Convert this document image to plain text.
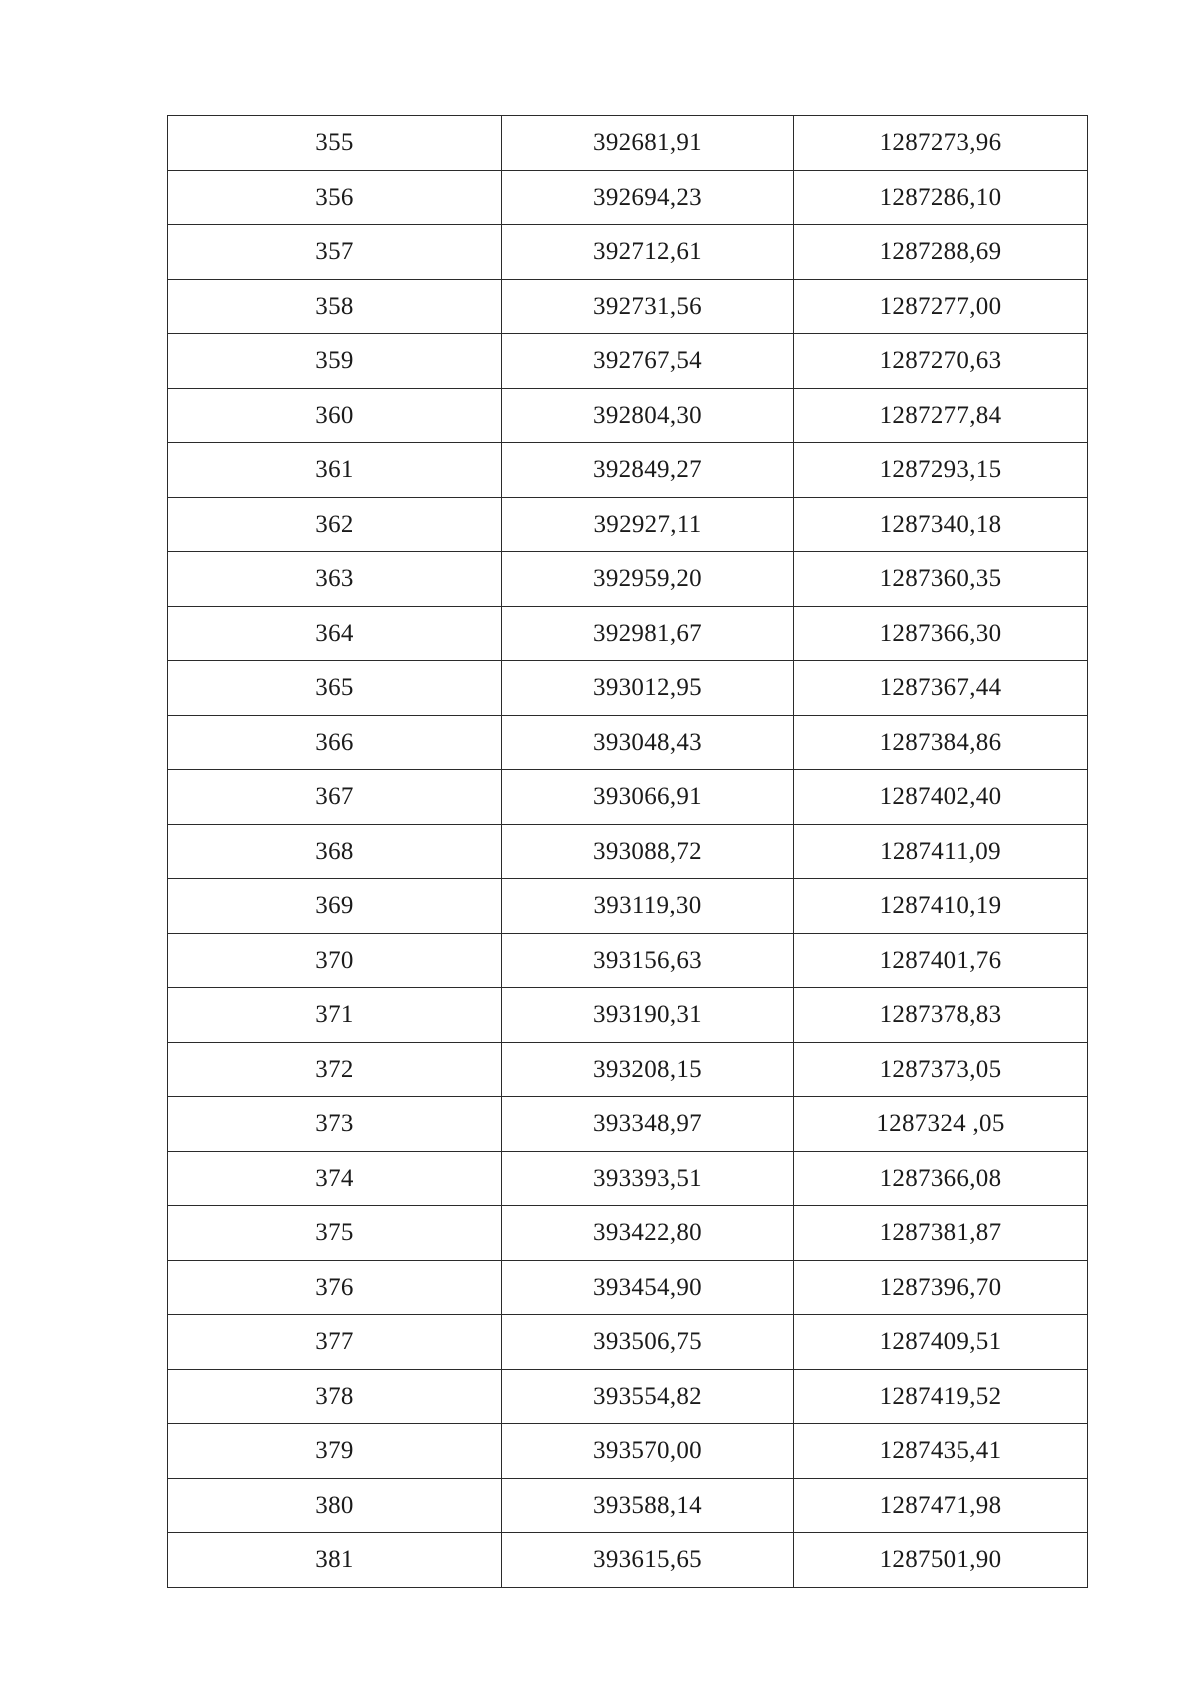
355	392681,91	1287273,96
356	392694,23	1287286,10
357	392712,61	1287288,69
358	392731,56	1287277,00
359	392767,54	1287270,63
360	392804,30	1287277,84
361	392849,27	1287293,15
362	392927,11	1287340,18
363	392959,20	1287360,35
364	392981,67	1287366,30
365	393012,95	1287367,44
366	393048,43	1287384,86
367	393066,91	1287402,40
368	393088,72	1287411,09
369	393119,30	1287410,19
370	393156,63	1287401,76
371	393190,31	1287378,83
372	393208,15	1287373,05
373	393348,97	1287324 ,05
374	393393,51	1287366,08
375	393422,80	1287381,87
376	393454,90	1287396,70
377	393506,75	1287409,51
378	393554,82	1287419,52
379	393570,00	1287435,41
380	393588,14	1287471,98
381	393615,65	1287501,90
